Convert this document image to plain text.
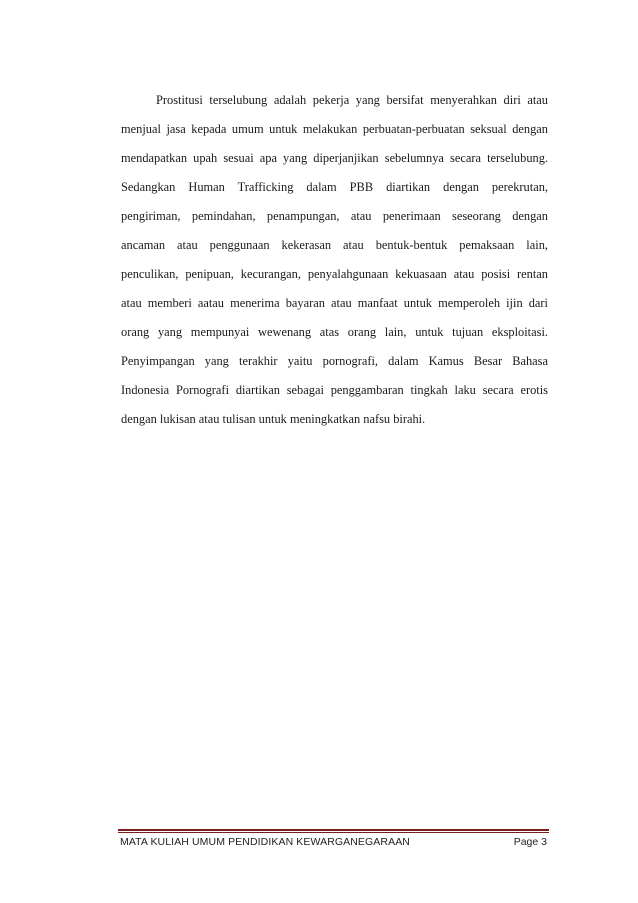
Prostitusi terselubung adalah pekerja yang bersifat menyerahkan diri atau
menjual jasa kepada umum untuk melakukan perbuatan-perbuatan seksual dengan
mendapatkan upah sesuai apa yang diperjanjikan sebelumnya secara terselubung.
Sedangkan Human Trafficking dalam PBB diartikan dengan perekrutan,
pengiriman, pemindahan, penampungan, atau penerimaan seseorang dengan
ancaman atau penggunaan kekerasan atau bentuk-bentuk pemaksaan lain,
penculikan, penipuan, kecurangan, penyalahgunaan kekuasaan atau posisi rentan
atau memberi aatau menerima bayaran atau manfaat untuk memperoleh ijin dari
orang yang mempunyai wewenang atas orang lain, untuk tujuan eksploitasi.
Penyimpangan yang terakhir yaitu pornografi, dalam Kamus Besar Bahasa
Indonesia Pornografi diartikan sebagai penggambaran tingkah laku secara erotis
dengan lukisan atau tulisan untuk meningkatkan nafsu birahi.
MATA KULIAH UMUM PENDIDIKAN KEWARGANEGARAAN	Page 3
